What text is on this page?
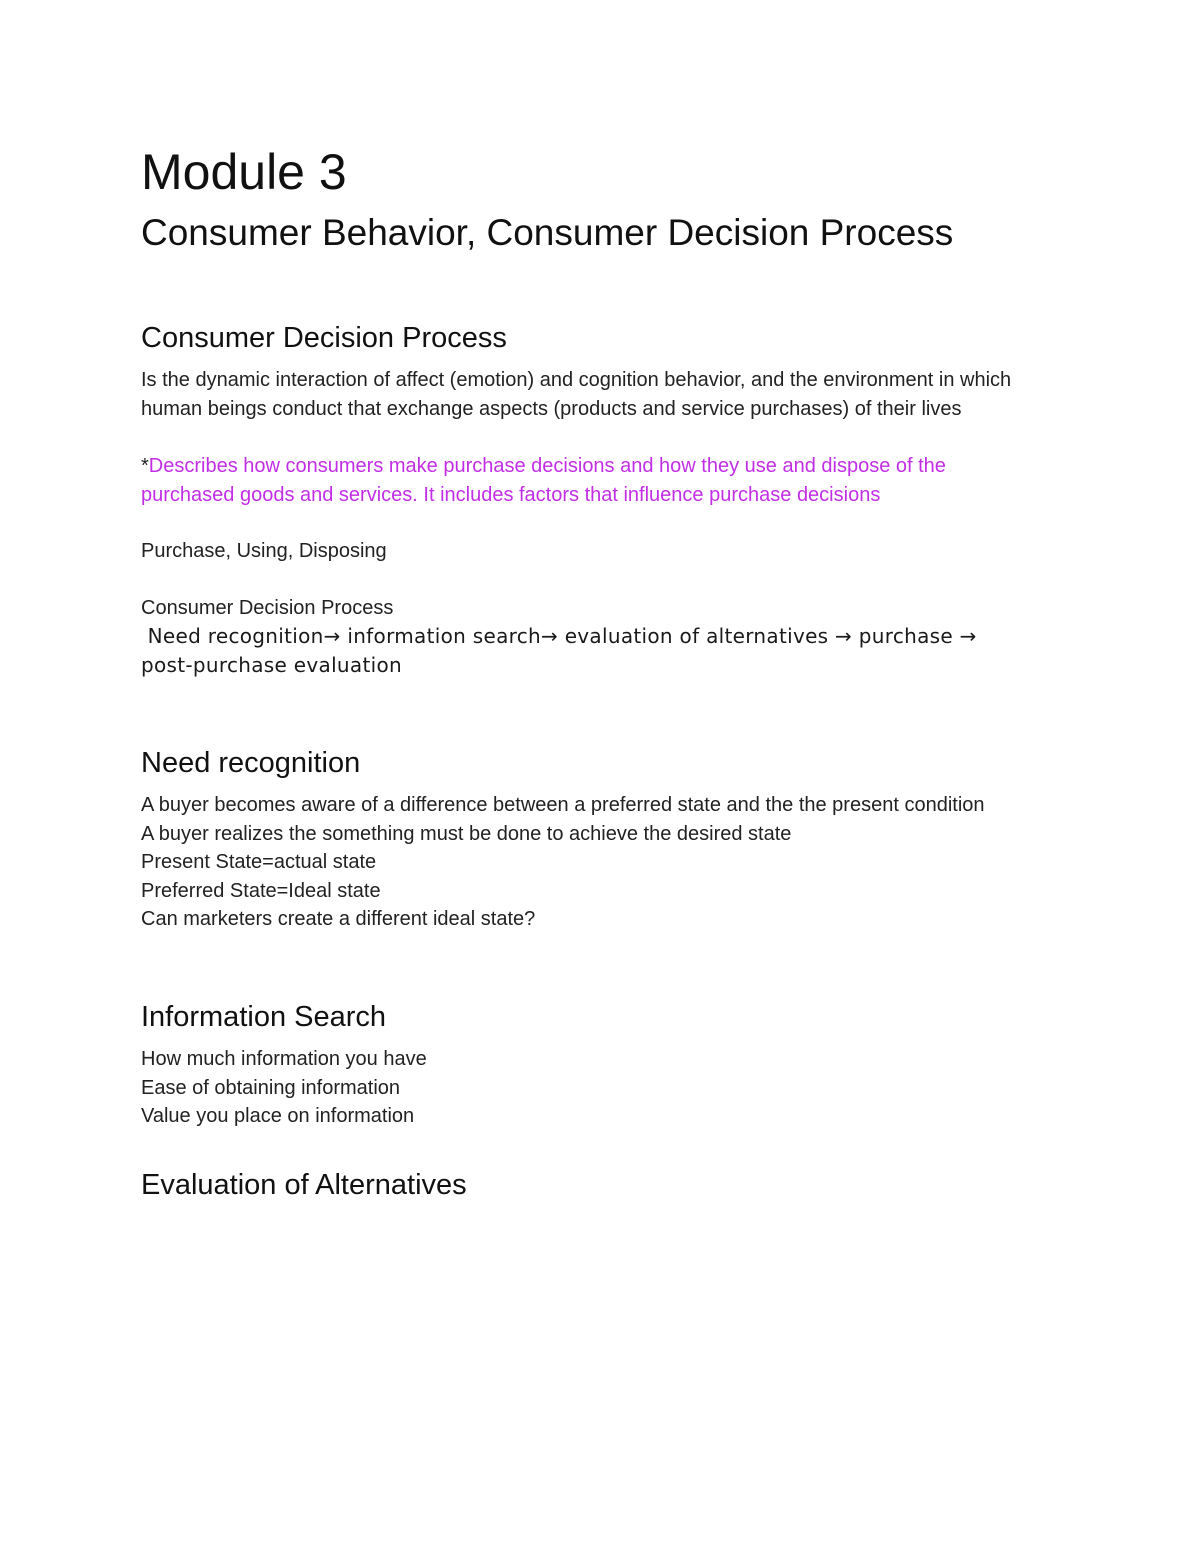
Module 3
Consumer Behavior, Consumer Decision Process
Consumer Decision Process

Is the dynamic interaction of affect (emotion) and cognition behavior, and the environment in which human beings conduct that exchange aspects (products and service purchases) of their lives

*Describes how consumers make purchase decisions and how they use and dispose of the purchased goods and services. It includes factors that influence purchase decisions

Purchase, Using, Disposing

Consumer Decision Process

Need recognition→ information search→ evaluation of alternatives → purchase →

post-purchase evaluation

Need recognition

A buyer becomes aware of a difference between a preferred state and the the present condition

A buyer realizes the something must be done to achieve the desired state

Present State=actual state

Preferred State=Ideal state

Can marketers create a different ideal state?

Information Search

How much information you have

Ease of obtaining information

Value you place on information

Evaluation of Alternatives
